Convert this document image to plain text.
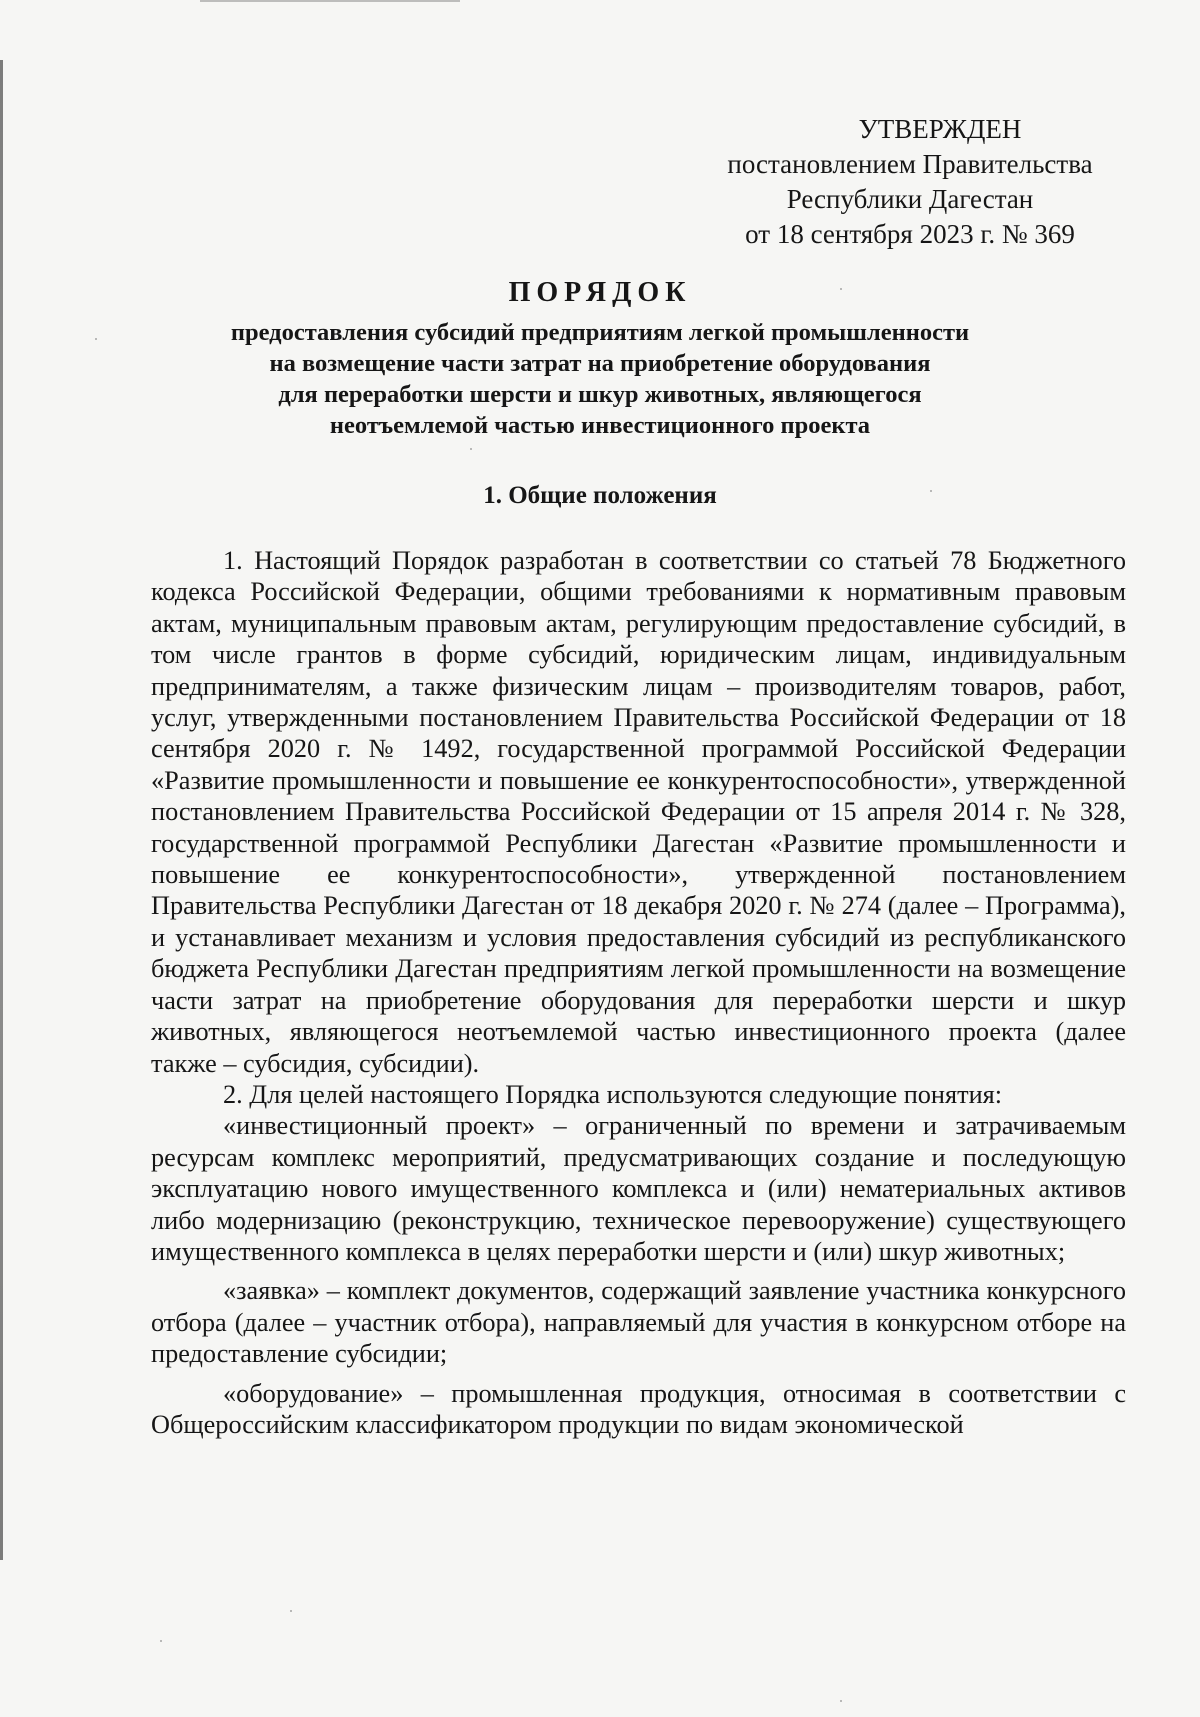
УТВЕРЖДЕН
постановлением Правительства
Республики Дагестан
от 18 сентября 2023 г. № 369
ПОРЯДОК
предоставления субсидий предприятиям легкой промышленности
на возмещение части затрат на приобретение оборудования
для переработки шерсти и шкур животных, являющегося
неотъемлемой частью инвестиционного проекта
1. Общие положения

1. Настоящий Порядок разработан в соответствии со статьей 78 Бюджетного кодекса Российской Федерации, общими требованиями к нормативным правовым актам, муниципальным правовым актам, регулирующим предоставление субсидий, в том числе грантов в форме субсидий, юридическим лицам, индивидуальным предпринимателям, а также физическим лицам – производителям товаров, работ, услуг, утвержденными постановлением Правительства Российской Федерации от 18 сентября 2020 г. № 1492, государственной программой Российской Федерации «Развитие промышленности и повышение ее конкурентоспособности», утвержденной постановлением Правительства Российской Федерации от 15 апреля 2014 г. № 328, государственной программой Республики Дагестан «Развитие промышленности и повышение ее конкурентоспособности», утвержденной постановлением Правительства Республики Дагестан от 18 декабря 2020 г. № 274 (далее – Программа), и устанавливает механизм и условия предоставления субсидий из республиканского бюджета Республики Дагестан предприятиям легкой промышленности на возмещение части затрат на приобретение оборудования для переработки шерсти и шкур животных, являющегося неотъемлемой частью инвестиционного проекта (далее также – субсидия, субсидии).

2. Для целей настоящего Порядка используются следующие понятия:

«инвестиционный проект» – ограниченный по времени и затрачиваемым ресурсам комплекс мероприятий, предусматривающих создание и последующую эксплуатацию нового имущественного комплекса и (или) нематериальных активов либо модернизацию (реконструкцию, техническое перевооружение) существующего имущественного комплекса в целях переработки шерсти и (или) шкур животных;

«заявка» – комплект документов, содержащий заявление участника конкурсного отбора (далее – участник отбора), направляемый для участия в конкурсном отборе на предоставление субсидии;

«оборудование» – промышленная продукция, относимая в соответствии с Общероссийским классификатором продукции по видам экономической
